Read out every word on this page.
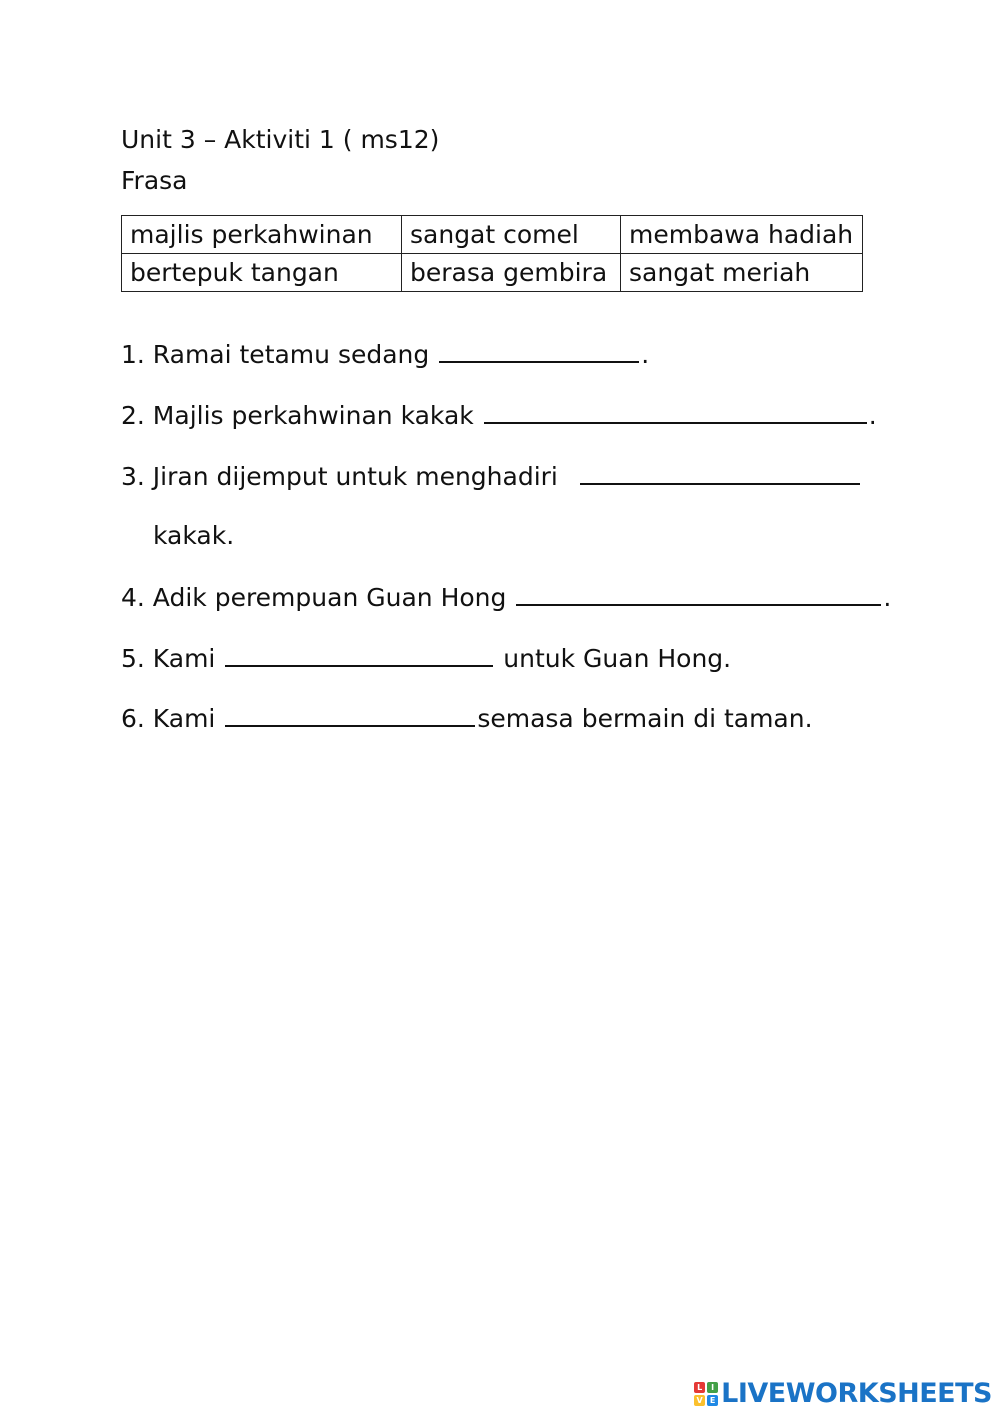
Unit 3 – Aktiviti 1 ( ms12)
Frasa
majlis perkahwinan	sangat comel	membawa hadiah
bertepuk tangan	berasa gembira	sangat meriah
1. Ramai tetamu sedang	.
2. Majlis perkahwinan kakak	.
3. Jiran dijemput untuk menghadiri
kakak.
4. Adik perempuan Guan Hong	.
5. Kami	untuk Guan Hong.
6. Kami	semasa bermain di taman.
L	I
V E LIVEWORKSHEETS
